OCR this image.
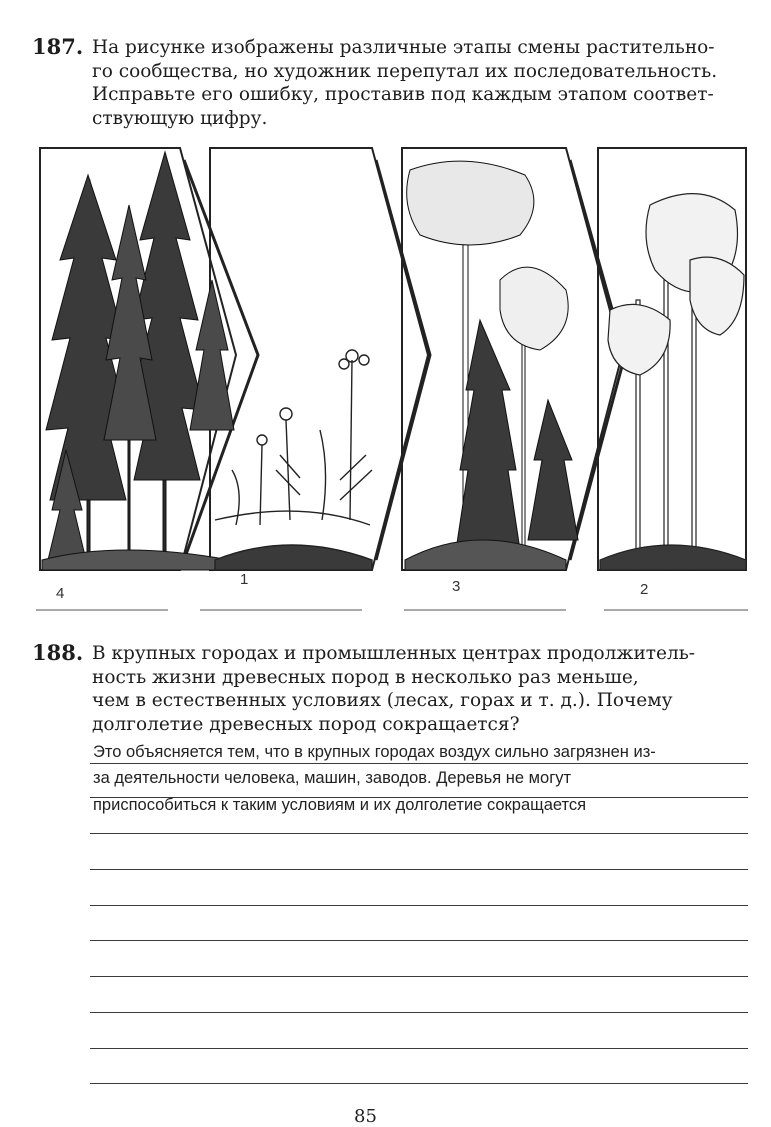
187. На рисунке изображены различные этапы смены растительно-
го сообщества, но художник перепутал их последовательность.
Исправьте его ошибку, проставив под каждым этапом соответ-
ствующую цифру.
4
1	3	2
188. В крупных городах и промышленных центрах продолжитель-
ность жизни древесных пород в несколько раз меньше,
чем в естественных условиях (лесах, горах и т. д.). Почему
долголетие древесных пород сокращается?
Это объясняется тем, что в крупных городах воздух сильно загрязнен из-
за деятельности человека, машин, заводов. Деревья не могут
приспособиться к таким условиям и их долголетие сокращается
85
